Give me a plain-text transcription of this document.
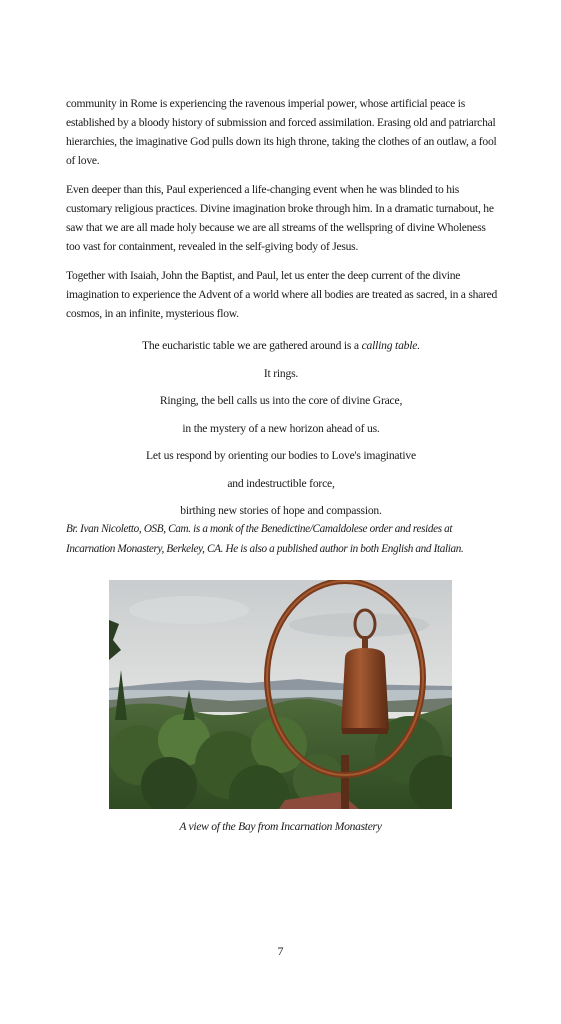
community in Rome is experiencing the ravenous imperial power, whose artificial peace is established by a bloody history of submission and forced assimilation. Erasing old and patriarchal hierarchies, the imaginative God pulls down its high throne, taking the clothes of an outlaw, a fool of love.

Even deeper than this, Paul experienced a life-changing event when he was blinded to his customary religious practices. Divine imagination broke through him. In a dramatic turnabout, he saw that we are all made holy because we are all streams of the wellspring of divine Wholeness too vast for containment, revealed in the self-giving body of Jesus.

Together with Isaiah, John the Baptist, and Paul, let us enter the deep current of the divine imagination to experience the Advent of a world where all bodies are treated as sacred, in a shared cosmos, in an infinite, mysterious flow.

The eucharistic table we are gathered around is a calling table.
It rings.
Ringing, the bell calls us into the core of divine Grace,
in the mystery of a new horizon ahead of us.
Let us respond by orienting our bodies to Love's imaginative
and indestructible force,
birthing new stories of hope and compassion.
Br. Ivan Nicoletto, OSB, Cam. is a monk of the Benedictine/Camaldolese order and resides at Incarnation Monastery, Berkeley, CA. He is also a published author in both English and Italian.
A view of the Bay from Incarnation Monastery
7
